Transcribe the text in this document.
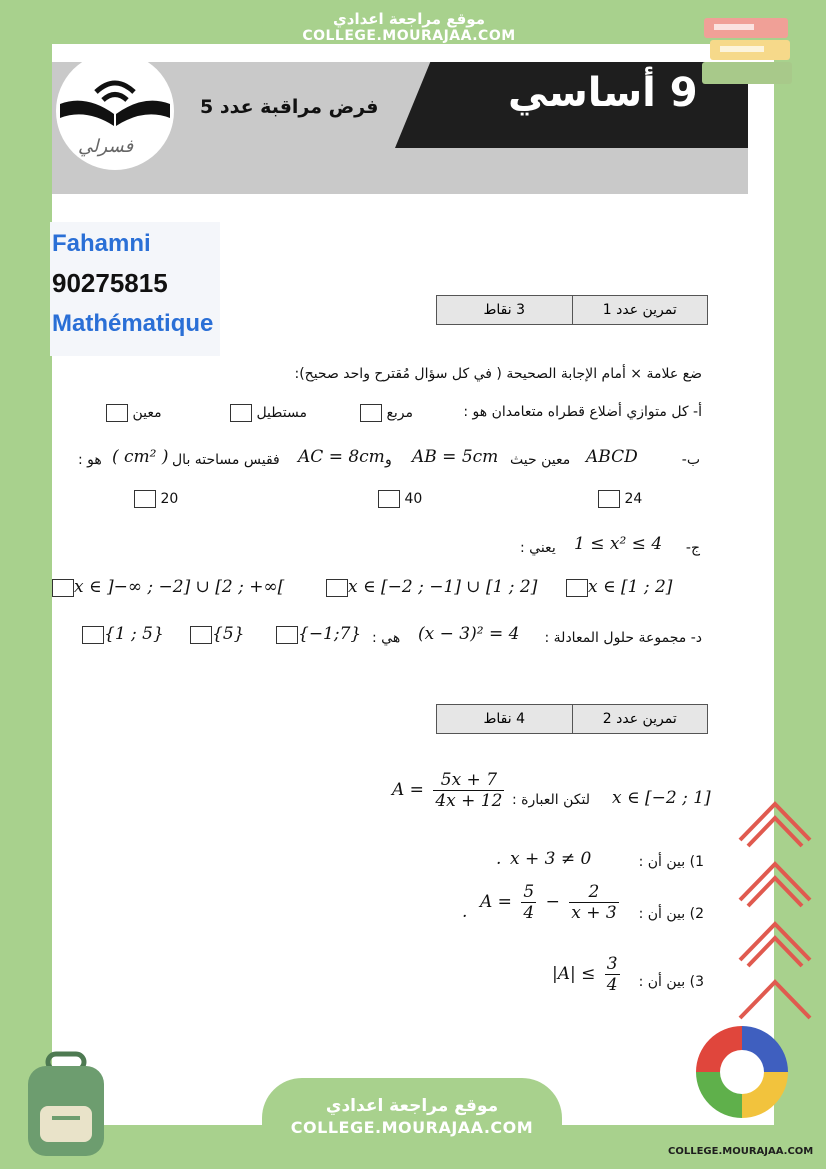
موقع مراجعة اعدادي
COLLEGE.MOURAJAA.COM
9 أساسي
فرض مراقبة عدد 5
فسرلي
Fahamni
90275815
Mathématique	تمرين عدد 1
3 نقاط
ضع علامة × أمام الإجابة الصحيحة ( في كل سؤال مُقترح واحد صحيح):
أ- كل متوازي أضلاع قطراه متعامدان هو :
مربع
مستطيل
معين
ب-
ABCD
معين حيث
AB = 5cm
و
AC = 8cm
فقيس مساحته بال
( cm² )
هو :
24
40
20
ج-
1 ≤ x² ≤ 4
يعني :
x ∈ [1 ; 2]
x ∈ [−2 ; −1] ∪ [1 ; 2]
x ∈ ]−∞ ; −2] ∪ [2 ; +∞[
د- مجموعة حلول المعادلة :
(x − 3)² = 4
هي :
{−1;7}
{5}
{1 ; 5}
تمرين عدد 2
4 نقاط
x ∈ [−2 ; 1]
لتكن العبارة :
$A = \frac{5x + 7}{4x + 12}$
1) بين أن :
x + 3 ≠ 0
.
2) بين أن :
$A = \frac{5}{4} - \frac{2}{x + 3}$
.
3) بين أن :
$|A| \le \frac{3}{4}$
COLLEGE.MOURAJAA.COM
موقع مراجعة اعدادي
COLLEGE.MOURAJAA.COM
